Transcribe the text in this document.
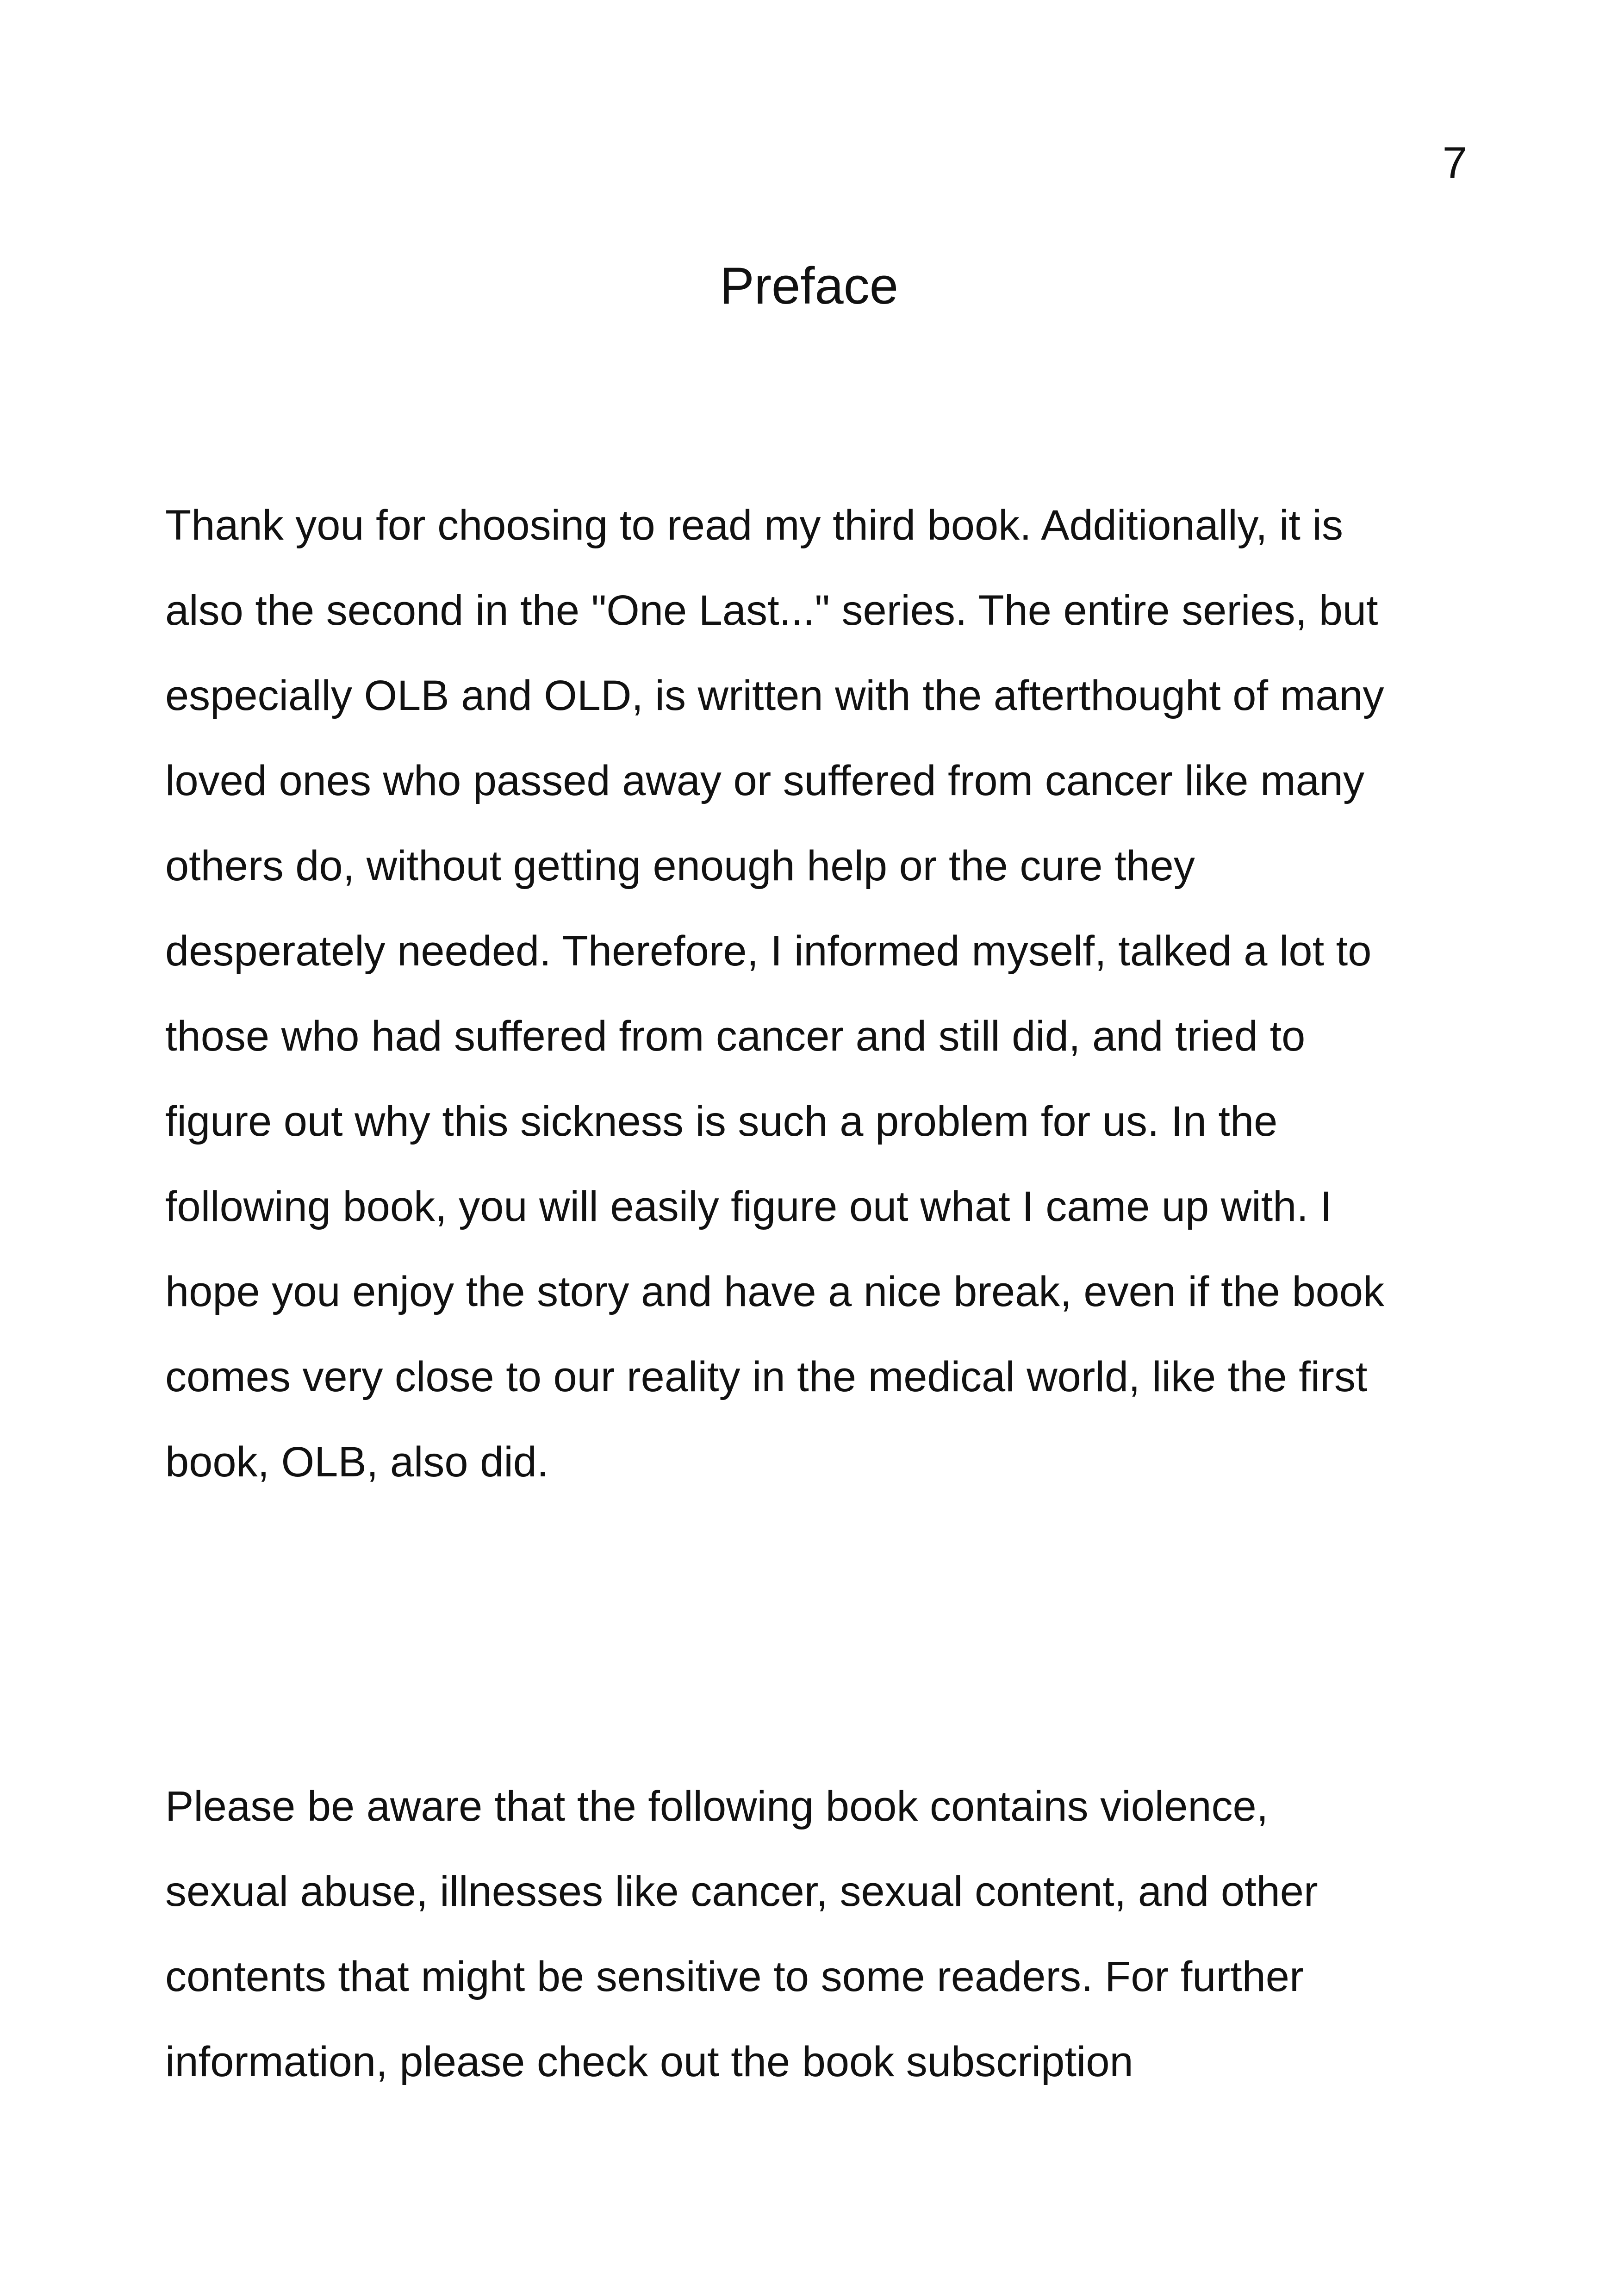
7
Preface
Thank you for choosing to read my third book. Additionally, it is
also the second in the "One Last..." series. The entire series, but
especially OLB and OLD, is written with the afterthought of many
loved ones who passed away or suffered from cancer like many
others do, without getting enough help or the cure they
desperately needed. Therefore, I informed myself, talked a lot to
those who had suffered from cancer and still did, and tried to
figure out why this sickness is such a problem for us. In the
following book, you will easily figure out what I came up with. I
hope you enjoy the story and have a nice break, even if the book
comes very close to our reality in the medical world, like the first
book, OLB, also did.
Please be aware that the following book contains violence,
sexual abuse, illnesses like cancer, sexual content, and other
contents that might be sensitive to some readers. For further
information, please check out the book subscription
